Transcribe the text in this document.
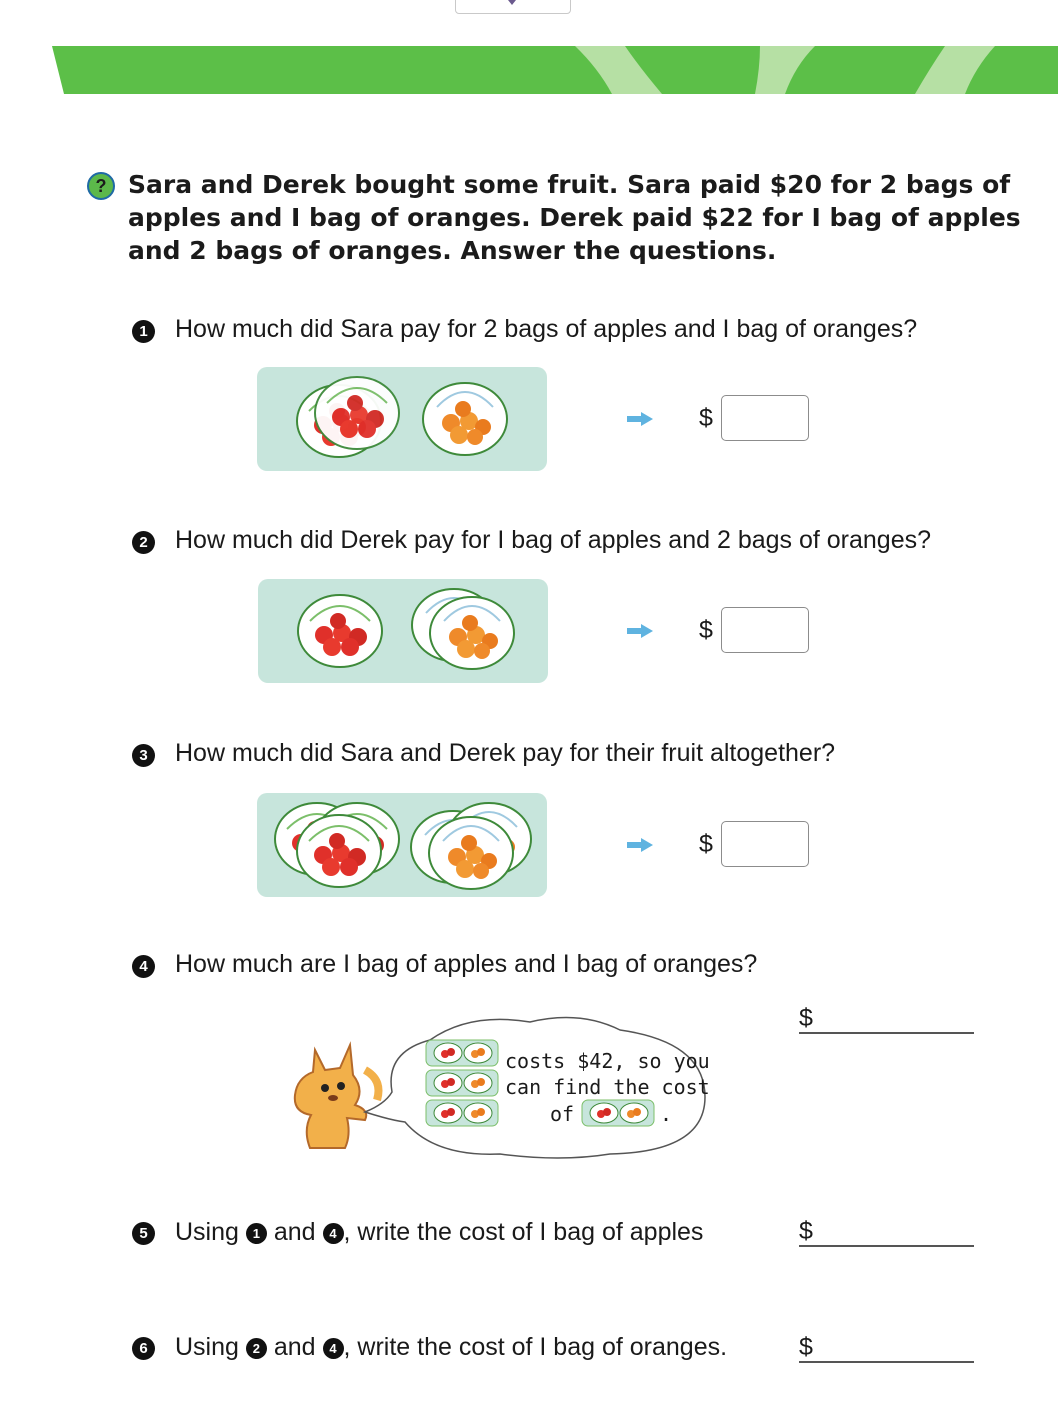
? Sara and Derek bought some fruit. Sara paid $20 for 2 bags of
apples and I bag of oranges. Derek paid $22 for I bag of apples
and 2 bags of oranges. Answer the questions.
1 How much did Sara pay for 2 bags of apples and I bag of oranges?
$
2 How much did Derek pay for I bag of apples and 2 bags of oranges?
$
3 How much did Sara and Derek pay for their fruit altogether?
$
4 How much are I bag of apples and I bag of oranges?
$
costs $42, so you
can find the cost
of	.
5 Using 1 and 4 , write the cost of I bag of apples	$
6 Using 2 and 4 , write the cost of I bag of oranges.	$
